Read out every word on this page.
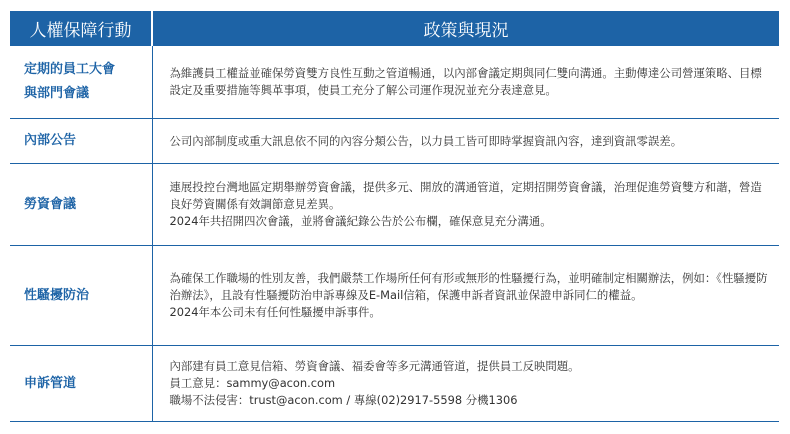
人權保障行動	政策與現況

定期的員工大會
與部門會議	為維護員工權益並確保勞資雙方良性互動之管道暢通，以內部會議定期與同仁雙向溝通。主動傳達公司營運策略、目標設定及重要措施等興革事項，使員工充分了解公司運作現況並充分表達意見。

內部公告	公司內部制度或重大訊息依不同的內容分類公告，以力員工皆可即時掌握資訊內容，達到資訊零誤差。

勞資會議	連展投控台灣地區定期舉辦勞資會議，提供多元、開放的溝通管道，定期招開勞資會議，治理促進勞資雙方和諧，營造良好勞資關係有效調節意見差異。
2024年共招開四次會議，並將會議紀錄公告於公布欄，確保意見充分溝通。

性騷擾防治	為確保工作職場的性別友善，我們嚴禁工作場所任何有形或無形的性騷擾行為，並明確制定相關辦法，例如：《性騷擾防治辦法》，且設有性騷擾防治申訴專線及E-Mail信箱，保護申訴者資訊並保證申訴同仁的權益。
2024年本公司未有任何性騷擾申訴事件。

申訴管道	內部建有員工意見信箱、勞資會議、福委會等多元溝通管道，提供員工反映問題。
員工意見：sammy@acon.com
職場不法侵害：trust@acon.com / 專線(02)2917-5598 分機1306
